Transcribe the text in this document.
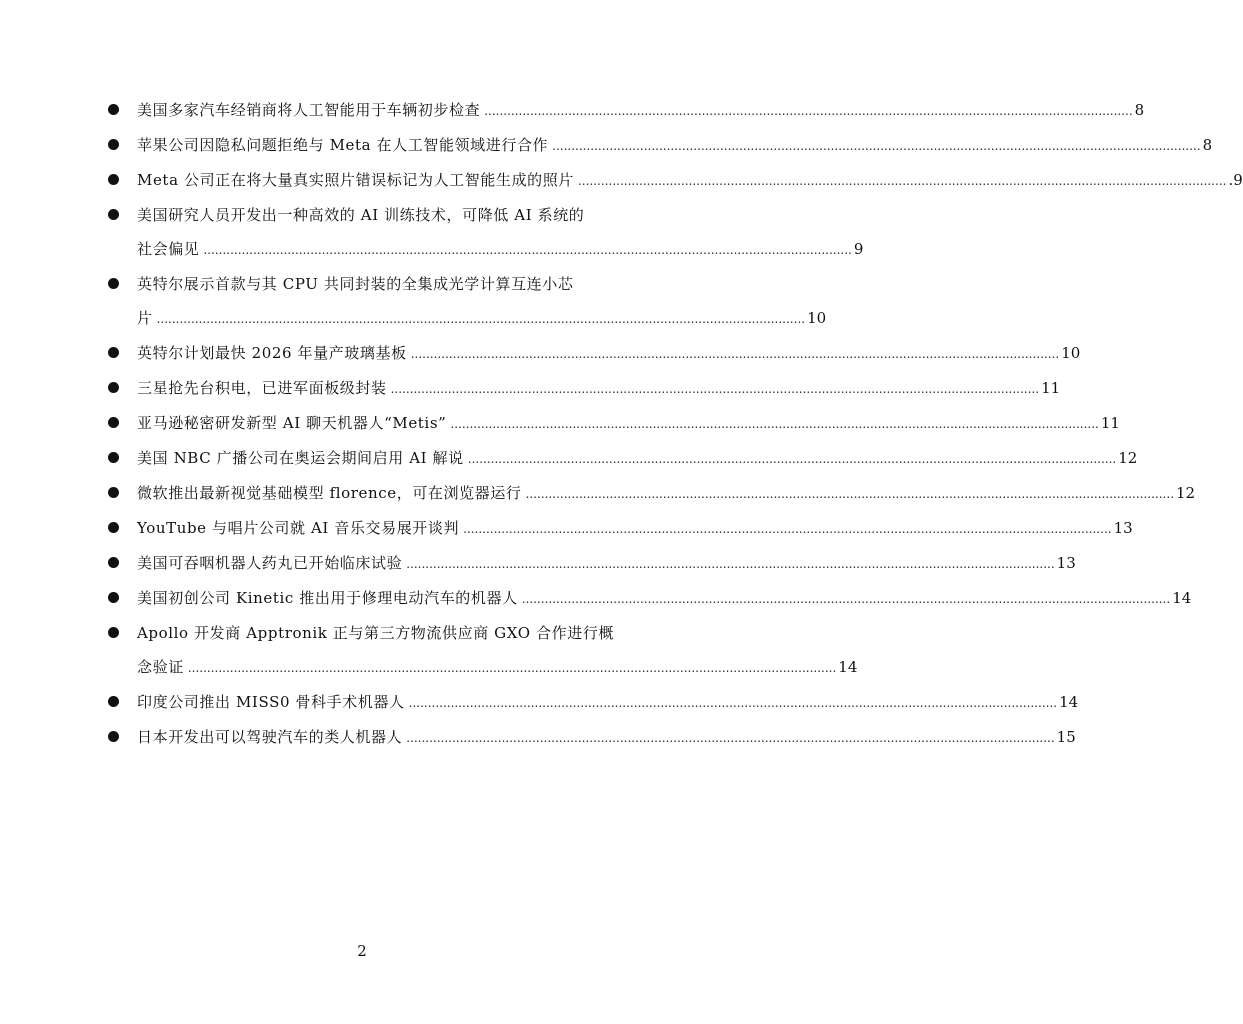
美国多家汽车经销商将人工智能用于车辆初步检查 .......................................................................................................................................................................... 8
苹果公司因隐私问题拒绝与 Meta 在人工智能领域进行合作 .......................................................................................................................................................................... 8
Meta 公司正在将大量真实照片错误标记为人工智能生成的照片 .......................................................................................................................................................................... .9
美国研究人员开发出一种高效的 AI 训练技术，可降低 AI 系统的
社会偏见 .......................................................................................................................................................................... 9
英特尔展示首款与其 CPU 共同封装的全集成光学计算互连小芯
片 .......................................................................................................................................................................... 10
英特尔计划最快 2026 年量产玻璃基板 .......................................................................................................................................................................... 10
三星抢先台积电，已进军面板级封装 .......................................................................................................................................................................... 11
亚马逊秘密研发新型 AI 聊天机器人“Metis” .......................................................................................................................................................................... 11
美国 NBC 广播公司在奥运会期间启用 AI 解说 .......................................................................................................................................................................... 12
微软推出最新视觉基础模型 florence，可在浏览器运行 .......................................................................................................................................................................... 12
YouTube 与唱片公司就 AI 音乐交易展开谈判 .......................................................................................................................................................................... 13
美国可吞咽机器人药丸已开始临床试验 .......................................................................................................................................................................... 13
美国初创公司 Kinetic 推出用于修理电动汽车的机器人 .......................................................................................................................................................................... 14
Apollo 开发商 Apptronik 正与第三方物流供应商 GXO 合作进行概
念验证 .......................................................................................................................................................................... 14
印度公司推出 MISS0 骨科手术机器人 .......................................................................................................................................................................... 14
日本开发出可以驾驶汽车的类人机器人 .......................................................................................................................................................................... 15
2
